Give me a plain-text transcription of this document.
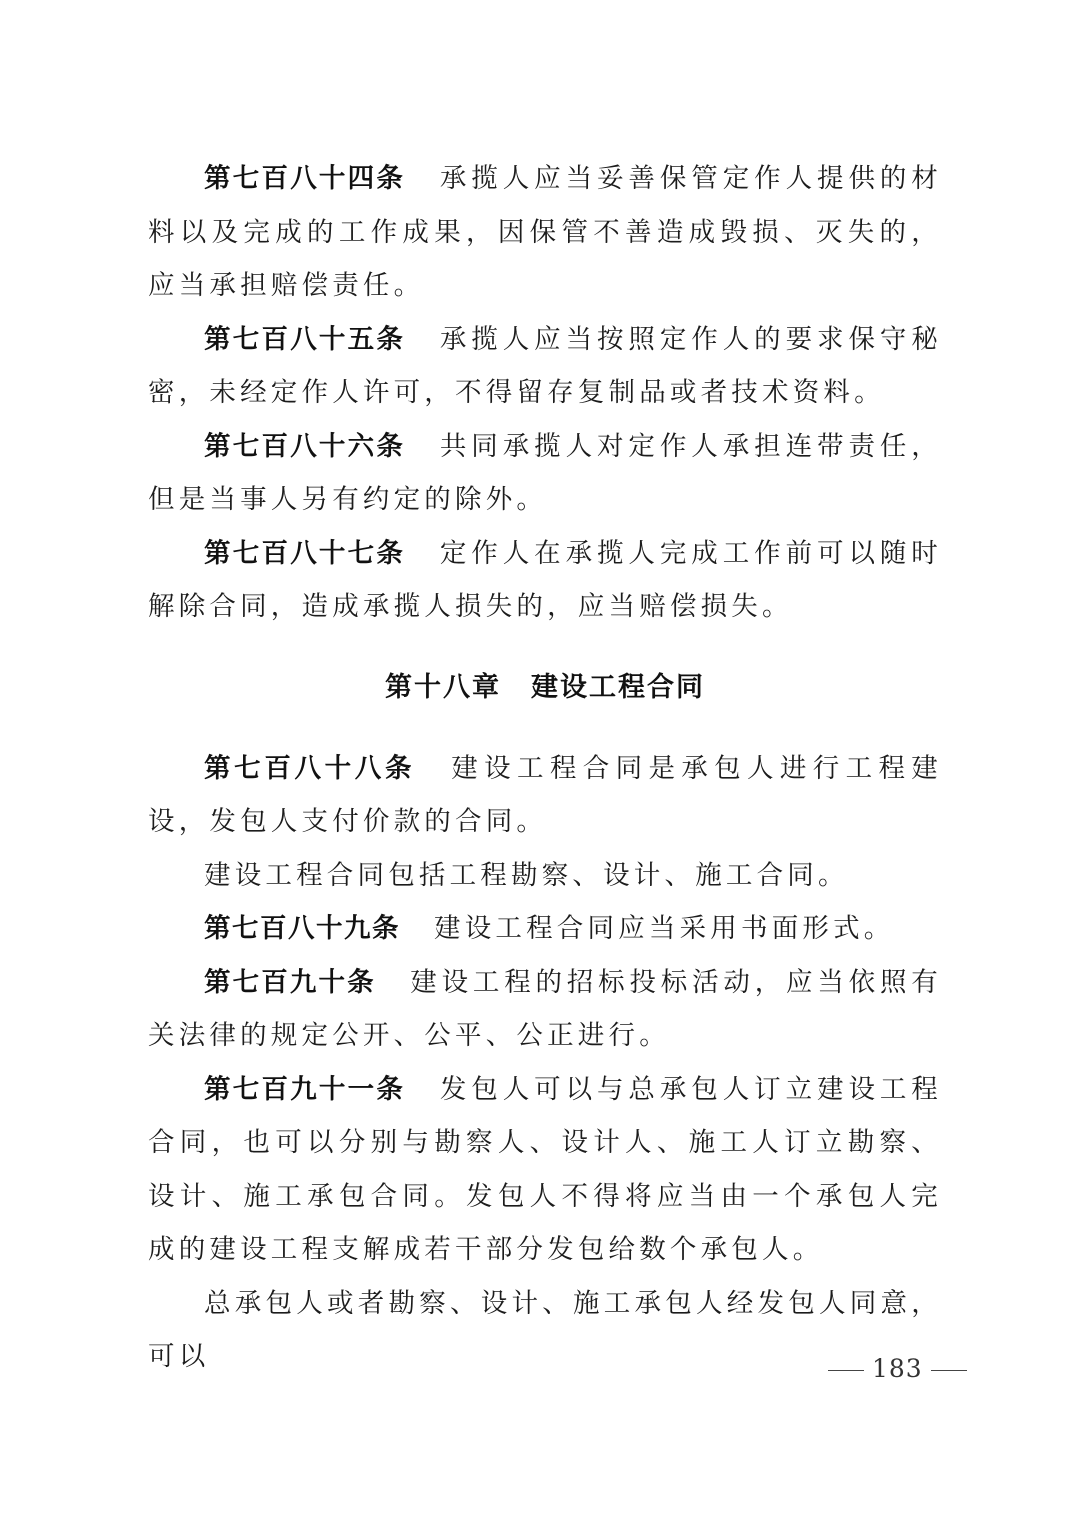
第七百八十四条 承揽人应当妥善保管定作人提供的材料以及完成的工作成果，因保管不善造成毁损、灭失的，应当承担赔偿责任。

第七百八十五条 承揽人应当按照定作人的要求保守秘密，未经定作人许可，不得留存复制品或者技术资料。

第七百八十六条 共同承揽人对定作人承担连带责任，但是当事人另有约定的除外。

第七百八十七条 定作人在承揽人完成工作前可以随时解除合同，造成承揽人损失的，应当赔偿损失。

第十八章 建设工程合同

第七百八十八条 建设工程合同是承包人进行工程建设，发包人支付价款的合同。

建设工程合同包括工程勘察、设计、施工合同。

第七百八十九条 建设工程合同应当采用书面形式。

第七百九十条 建设工程的招标投标活动，应当依照有关法律的规定公开、公平、公正进行。

第七百九十一条 发包人可以与总承包人订立建设工程合同，也可以分别与勘察人、设计人、施工人订立勘察、设计、施工承包合同。发包人不得将应当由一个承包人完成的建设工程支解成若干部分发包给数个承包人。

总承包人或者勘察、设计、施工承包人经发包人同意，可以	183
